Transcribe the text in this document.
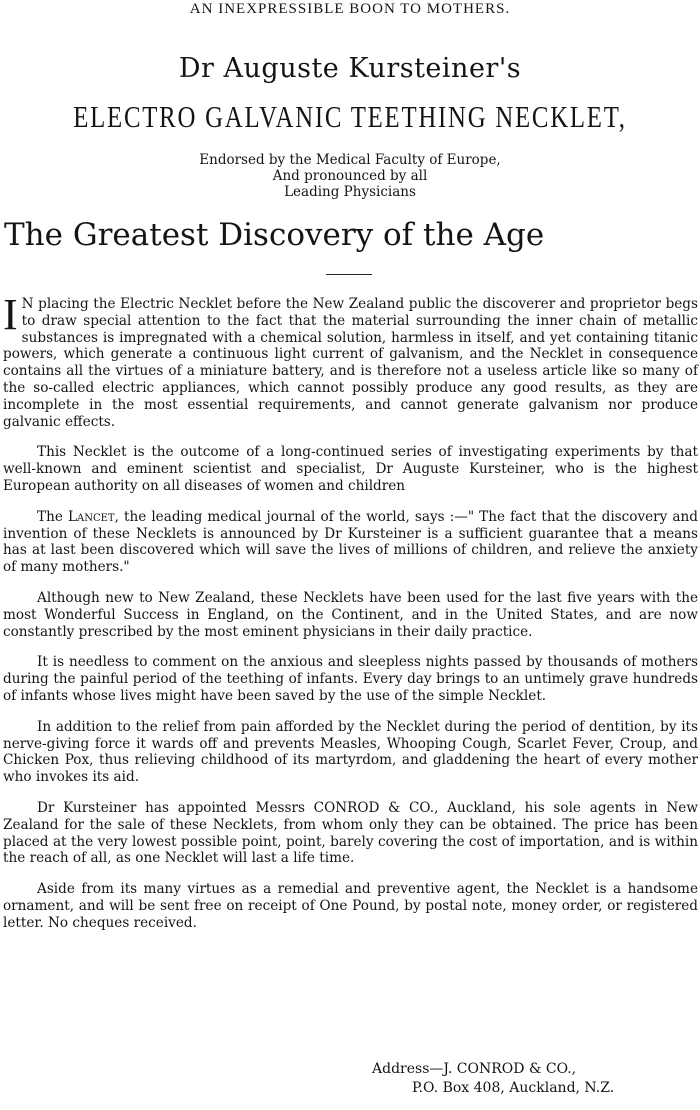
AN INEXPRESSIBLE BOON TO MOTHERS.
Dr Auguste Kursteiner's
ELECTRO GALVANIC TEETHING NECKLET,
Endorsed by the Medical Faculty of Europe,
And pronounced by all
Leading Physicians
The Greatest Discovery of the Age

I N placing the Electric Necklet before the New Zealand public the discoverer and proprietor begs to draw special attention to the fact that the material surrounding the inner chain of metallic substances is impregnated with a chemical solution, harmless in itself, and yet containing titanic powers, which generate a continuous light current of galvanism, and the Necklet in consequence contains all the virtues of a miniature battery, and is therefore not a useless article like so many of the so-called electric appliances, which cannot possibly produce any good results, as they are incomplete in the most essential requirements, and cannot generate galvanism nor produce galvanic effects.

This Necklet is the outcome of a long-continued series of investigating experiments by that well-known and eminent scientist and specialist, Dr Auguste Kursteiner, who is the highest European authority on all diseases of women and children

The Lancet, the leading medical journal of the world, says :—" The fact that the discovery and invention of these Necklets is announced by Dr Kursteiner is a sufficient guarantee that a means has at last been discovered which will save the lives of millions of children, and relieve the anxiety of many mothers."

Although new to New Zealand, these Necklets have been used for the last five years with the most Wonderful Success in England, on the Continent, and in the United States, and are now constantly prescribed by the most eminent physicians in their daily practice.

It is needless to comment on the anxious and sleepless nights passed by thousands of mothers during the painful period of the teething of infants. Every day brings to an untimely grave hundreds of infants whose lives might have been saved by the use of the simple Necklet.

In addition to the relief from pain afforded by the Necklet during the period of dentition, by its nerve-giving force it wards off and prevents Measles, Whooping Cough, Scarlet Fever, Croup, and Chicken Pox, thus relieving childhood of its martyrdom, and gladdening the heart of every mother who invokes its aid.

Dr Kursteiner has appointed Messrs CONROD & CO., Auckland, his sole agents in New Zealand for the sale of these Necklets, from whom only they can be obtained. The price has been placed at the very lowest possible point, point, barely covering the cost of importation, and is within the reach of all, as one Necklet will last a life time.

Aside from its many virtues as a remedial and preventive agent, the Necklet is a handsome ornament, and will be sent free on receipt of One Pound, by postal note, money order, or registered letter. No cheques received.

Address—J. CONROD & CO.,
P.O. Box 408, Auckland, N.Z.
